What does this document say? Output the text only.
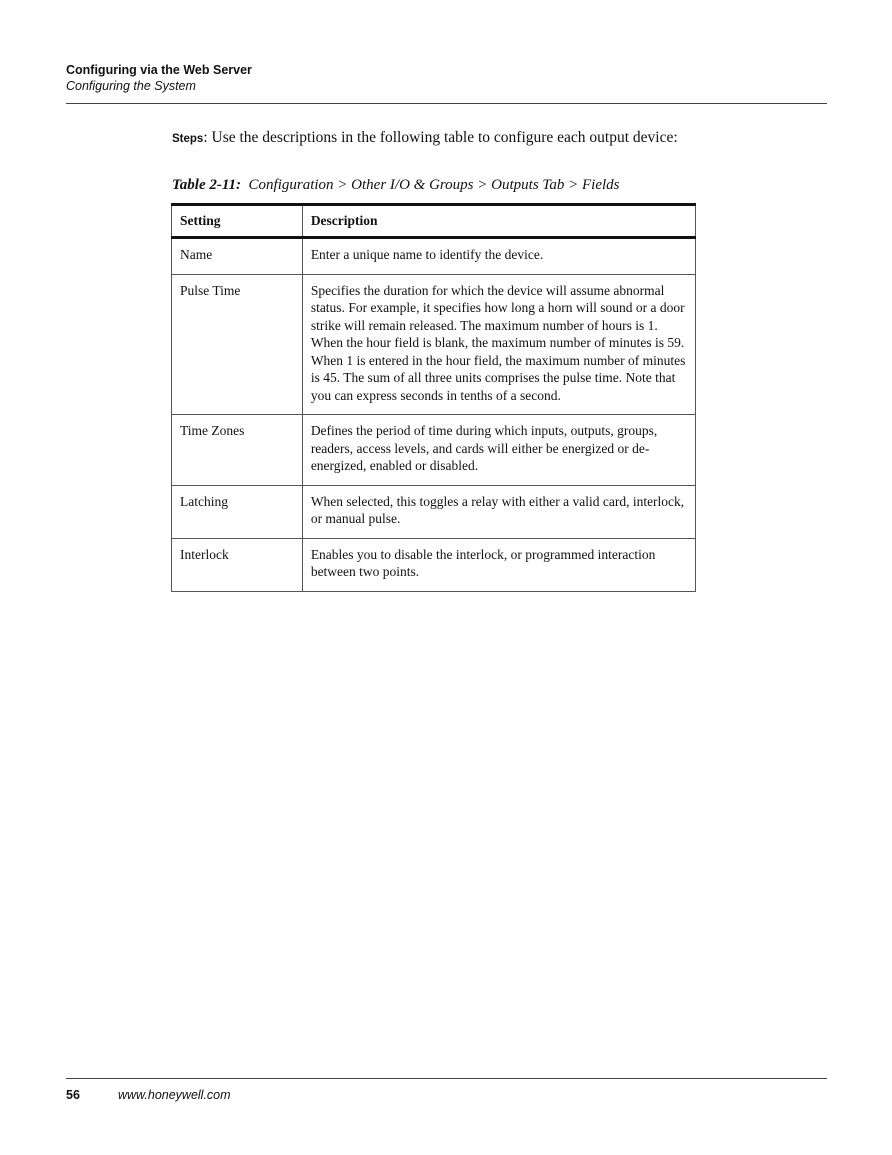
Configuring via the Web Server
Configuring the System
Steps: Use the descriptions in the following table to configure each output device:
Table 2-11:  Configuration > Other I/O & Groups > Outputs Tab > Fields
Setting	Description
Name	Enter a unique name to identify the device.
Pulse Time	Specifies the duration for which the device will assume abnormal status. For example, it specifies how long a horn will sound or a door strike will remain released. The maximum number of hours is 1. When the hour field is blank, the maximum number of minutes is 59. When 1 is entered in the hour field, the maximum number of minutes is 45. The sum of all three units comprises the pulse time. Note that you can express seconds in tenths of a second.
Time Zones	Defines the period of time during which inputs, outputs, groups, readers, access levels, and cards will either be energized or de-energized, enabled or disabled.
Latching	When selected, this toggles a relay with either a valid card, interlock, or manual pulse.
Interlock	Enables you to disable the interlock, or programmed interaction between two points.
56	www.honeywell.com
